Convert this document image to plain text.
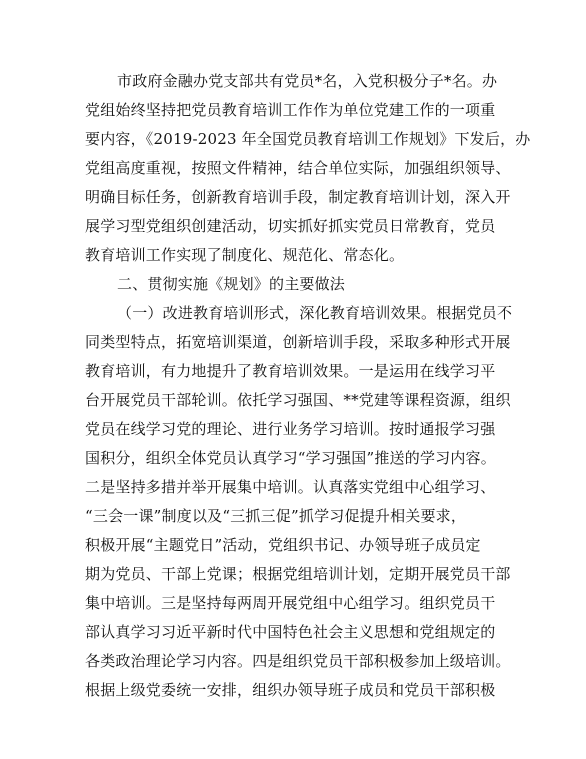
市政府金融办党支部共有党员*名，入党积极分子*名。办
党组始终坚持把党员教育培训工作作为单位党建工作的一项重
要内容，《2019-2023 年全国党员教育培训工作规划》下发后，办
党组高度重视，按照文件精神，结合单位实际，加强组织领导、
明确目标任务，创新教育培训手段，制定教育培训计划，深入开
展学习型党组织创建活动，切实抓好抓实党员日常教育，党员
教育培训工作实现了制度化、规范化、常态化。
二、贯彻实施《规划》的主要做法
（一）改进教育培训形式，深化教育培训效果。根据党员不
同类型特点，拓宽培训渠道，创新培训手段，采取多种形式开展
教育培训，有力地提升了教育培训效果。一是运用在线学习平
台开展党员干部轮训。依托学习强国、**党建等课程资源，组织
党员在线学习党的理论、进行业务学习培训。按时通报学习强
国积分，组织全体党员认真学习“学习强国”推送的学习内容。
二是坚持多措并举开展集中培训。认真落实党组中心组学习、
“三会一课”制度以及“三抓三促”抓学习促提升相关要求，
积极开展“主题党日”活动，党组织书记、办领导班子成员定
期为党员、干部上党课；根据党组培训计划，定期开展党员干部
集中培训。三是坚持每两周开展党组中心组学习。组织党员干
部认真学习习近平新时代中国特色社会主义思想和党组规定的
各类政治理论学习内容。四是组织党员干部积极参加上级培训。
根据上级党委统一安排，组织办领导班子成员和党员干部积极
